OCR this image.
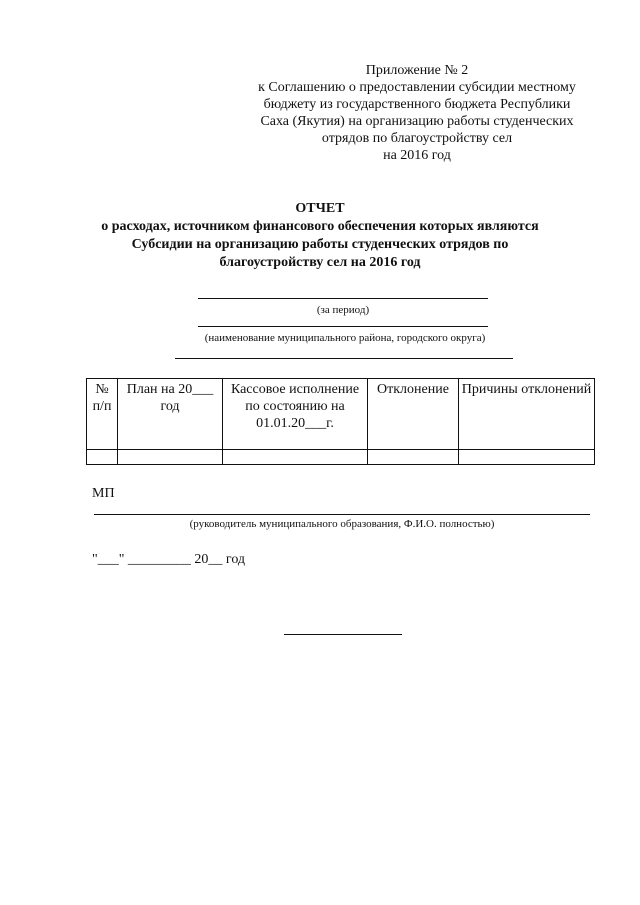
Приложение № 2
к Соглашению о предоставлении субсидии местному
бюджету из государственного бюджета Республики
Саха (Якутия) на организацию работы студенческих
отрядов по благоустройству сел
на 2016 год
ОТЧЕТ
о расходах, источником финансового обеспечения которых являются
Субсидии на организацию работы студенческих отрядов по
благоустройству сел на 2016 год
(за период)
(наименование муниципального района, городского округа)
№ п/п	План на 20___ год	Кассовое исполнение по состоянию на 01.01.20___г.	Отклонение	Причины отклонений

МП
(руководитель муниципального образования, Ф.И.О. полностью)
"___" _________ 20__ год
